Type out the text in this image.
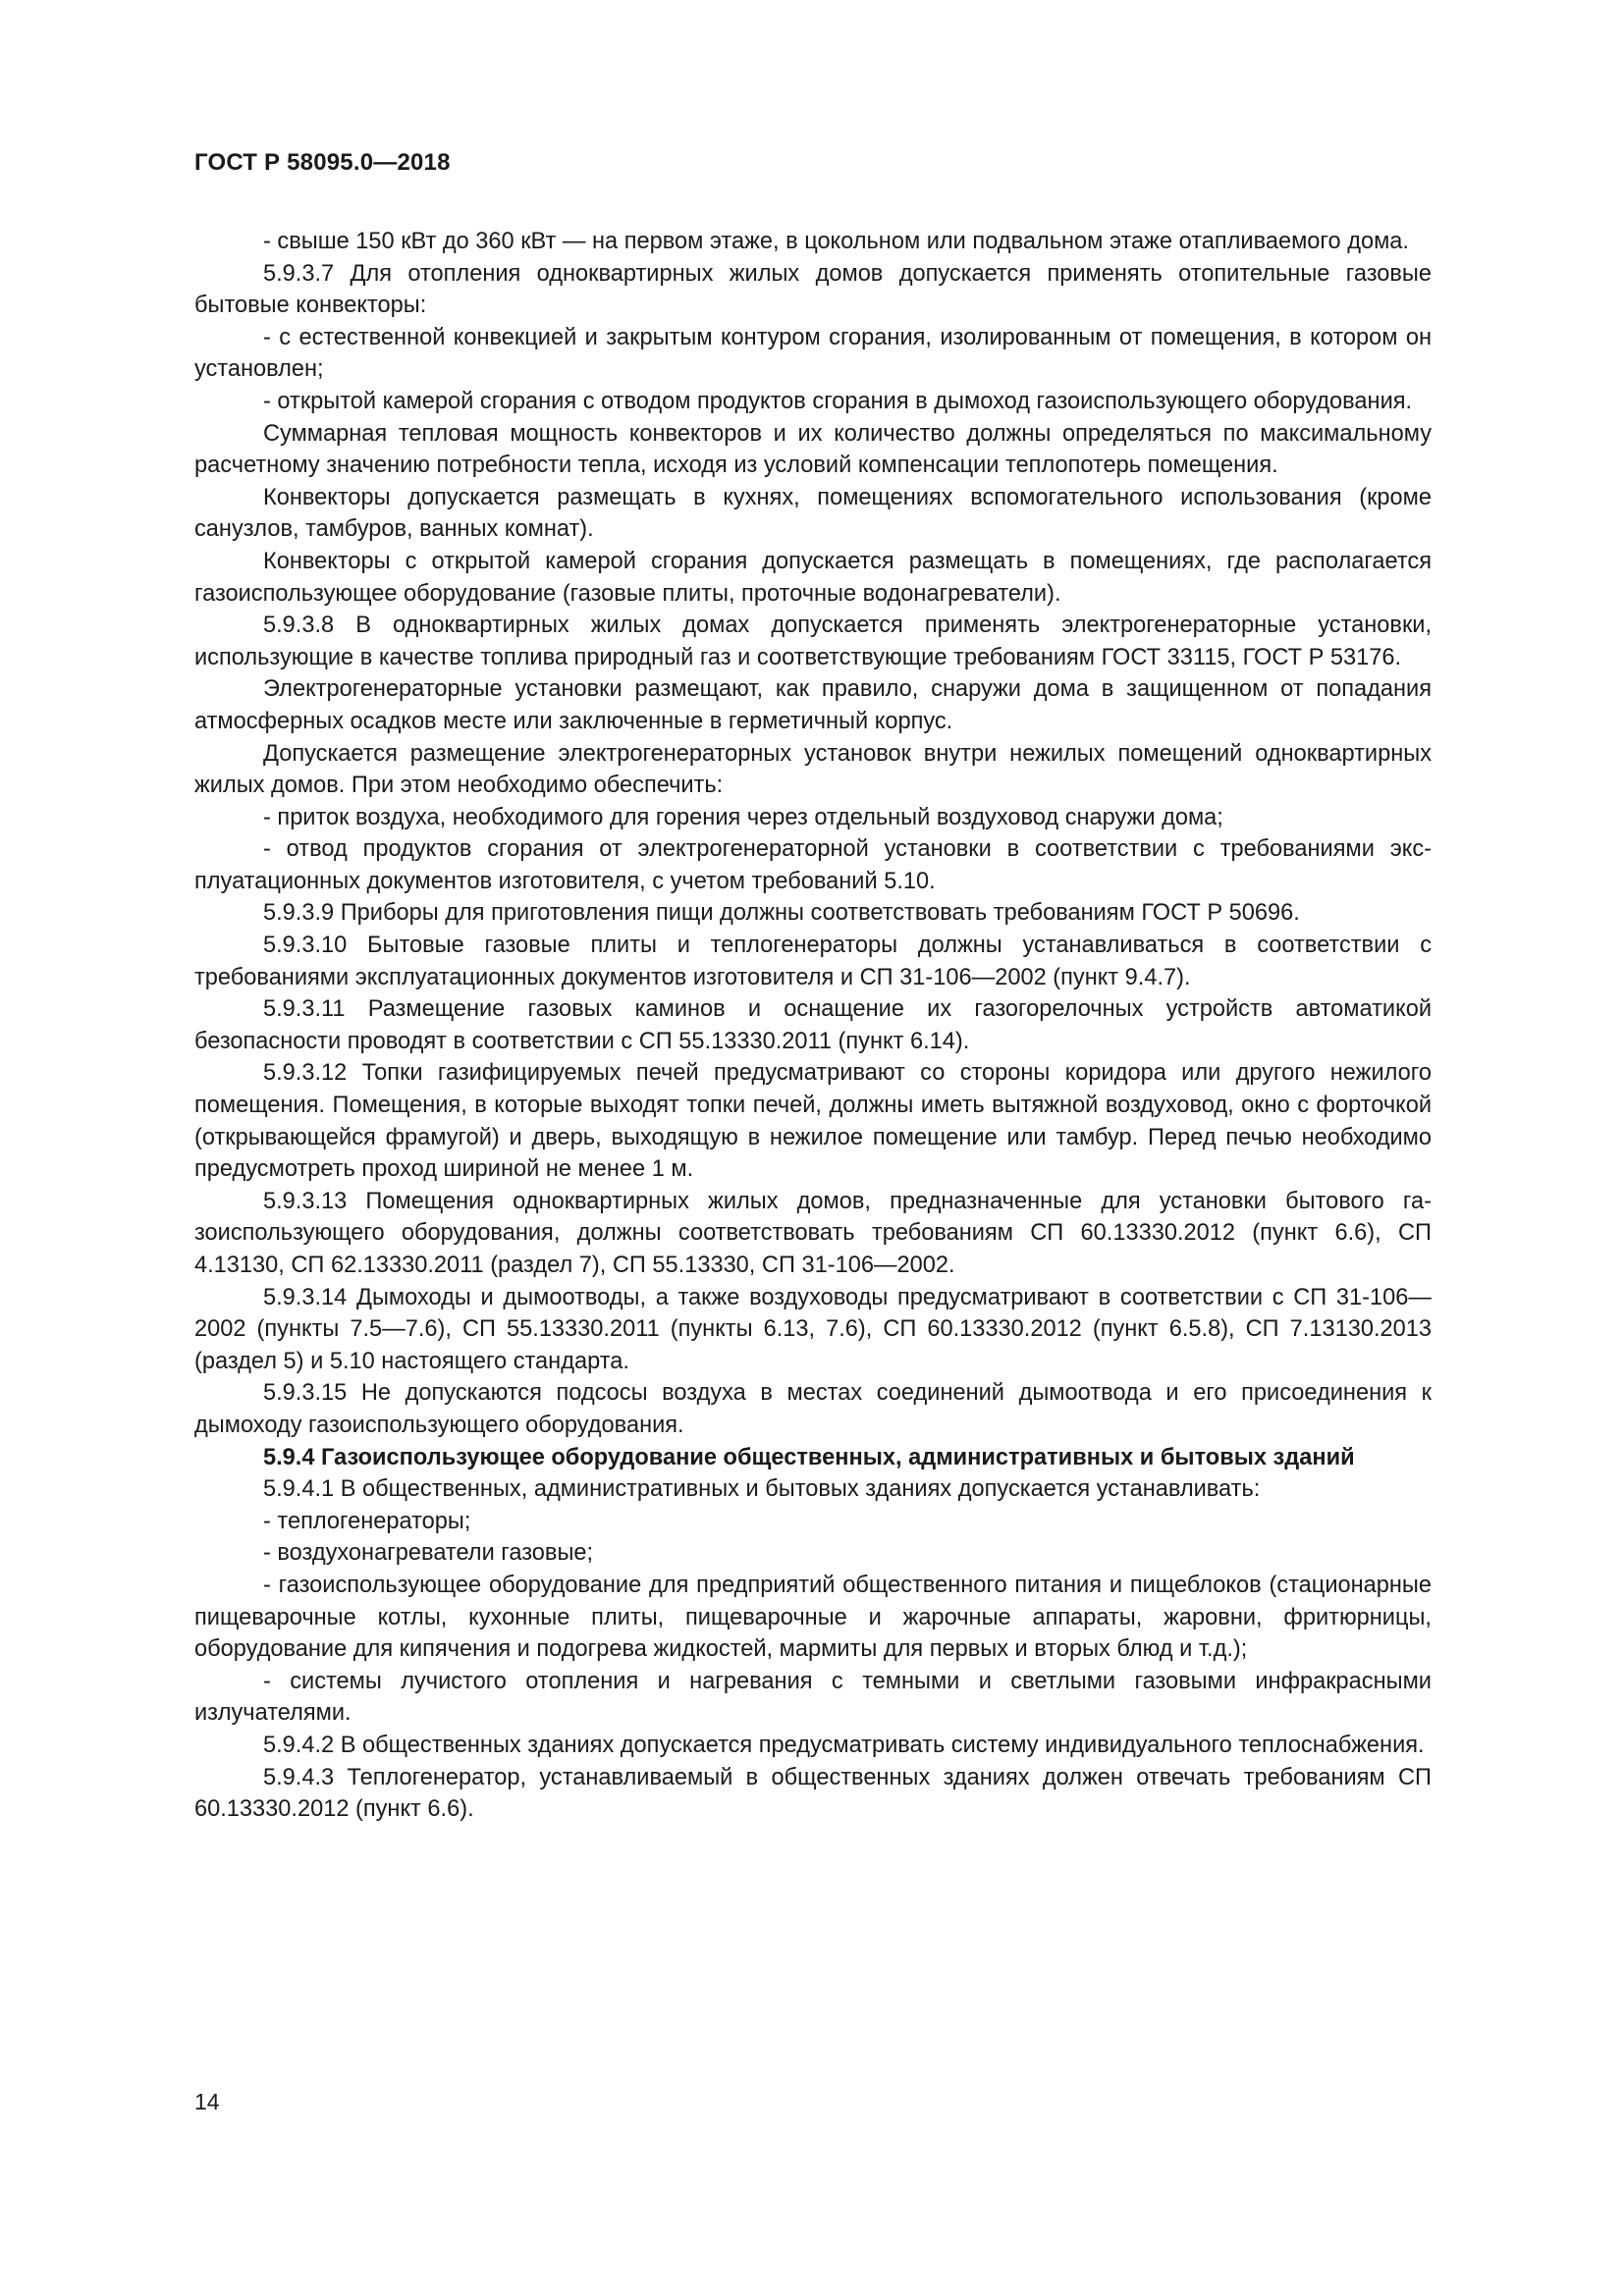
ГОСТ Р 58095.0—2018

- свыше 150 кВт до 360 кВт — на первом этаже, в цокольном или подвальном этаже отапливаемого дома.

5.9.3.7 Для отопления одноквартирных жилых домов допускается применять отопительные газовые бытовые конвекторы:

- с естественной конвекцией и закрытым контуром сгорания, изолированным от помещения, в котором он установлен;

- открытой камерой сгорания с отводом продуктов сгорания в дымоход газоиспользующего оборудования.

Суммарная тепловая мощность конвекторов и их количество должны определяться по максимальному расчетному значению потребности тепла, исходя из условий компенсации теплопотерь помещения.

Конвекторы допускается размещать в кухнях, помещениях вспомогательного использования (кроме санузлов, тамбуров, ванных комнат).

Конвекторы с открытой камерой сгорания допускается размещать в помещениях, где располагается газоиспользующее оборудование (газовые плиты, проточные водонагреватели).

5.9.3.8 В одноквартирных жилых домах допускается применять электрогенераторные установки, использующие в качестве топлива природный газ и соответствующие требованиям ГОСТ 33115, ГОСТ Р 53176.

Электрогенераторные установки размещают, как правило, снаружи дома в защищенном от попадания атмосферных осадков месте или заключенные в герметичный корпус.

Допускается размещение электрогенераторных установок внутри нежилых помещений одноквартирных жилых домов. При этом необходимо обеспечить:

- приток воздуха, необходимого для горения через отдельный воздуховод снаружи дома;

- отвод продуктов сгорания от электрогенераторной установки в соответствии с требованиями эксплуатационных документов изготовителя, с учетом требований 5.10.

5.9.3.9 Приборы для приготовления пищи должны соответствовать требованиям ГОСТ Р 50696.

5.9.3.10 Бытовые газовые плиты и теплогенераторы должны устанавливаться в соответствии с требованиями эксплуатационных документов изготовителя и СП 31-106—2002 (пункт 9.4.7).

5.9.3.11 Размещение газовых каминов и оснащение их газогорелочных устройств автоматикой безопасности проводят в соответствии с СП 55.13330.2011 (пункт 6.14).

5.9.3.12 Топки газифицируемых печей предусматривают со стороны коридора или другого нежилого помещения. Помещения, в которые выходят топки печей, должны иметь вытяжной воздуховод, окно с форточкой (открывающейся фрамугой) и дверь, выходящую в нежилое помещение или тамбур. Перед печью необходимо предусмотреть проход шириной не менее 1 м.

5.9.3.13 Помещения одноквартирных жилых домов, предназначенные для установки бытового газоиспользующего оборудования, должны соответствовать требованиям СП 60.13330.2012 (пункт 6.6), СП 4.13130, СП 62.13330.2011 (раздел 7), СП 55.13330, СП 31-106—2002.

5.9.3.14 Дымоходы и дымоотводы, а также воздуховоды предусматривают в соответствии с СП 31-106—2002 (пункты 7.5—7.6), СП 55.13330.2011 (пункты 6.13, 7.6), СП 60.13330.2012 (пункт 6.5.8), СП 7.13130.2013 (раздел 5) и 5.10 настоящего стандарта.

5.9.3.15 Не допускаются подсосы воздуха в местах соединений дымоотвода и его присоединения к дымоходу газоиспользующего оборудования.

5.9.4 Газоиспользующее оборудование общественных, административных и бытовых зданий

5.9.4.1 В общественных, административных и бытовых зданиях допускается устанавливать:

- теплогенераторы;

- воздухонагреватели газовые;

- газоиспользующее оборудование для предприятий общественного питания и пищеблоков (стационарные пищеварочные котлы, кухонные плиты, пищеварочные и жарочные аппараты, жаровни, фритюрницы, оборудование для кипячения и подогрева жидкостей, мармиты для первых и вторых блюд и т.д.);

- системы лучистого отопления и нагревания с темными и светлыми газовыми инфракрасными излучателями.

5.9.4.2 В общественных зданиях допускается предусматривать систему индивидуального теплоснабжения.

5.9.4.3 Теплогенератор, устанавливаемый в общественных зданиях должен отвечать требованиям СП 60.13330.2012 (пункт 6.6).

14
